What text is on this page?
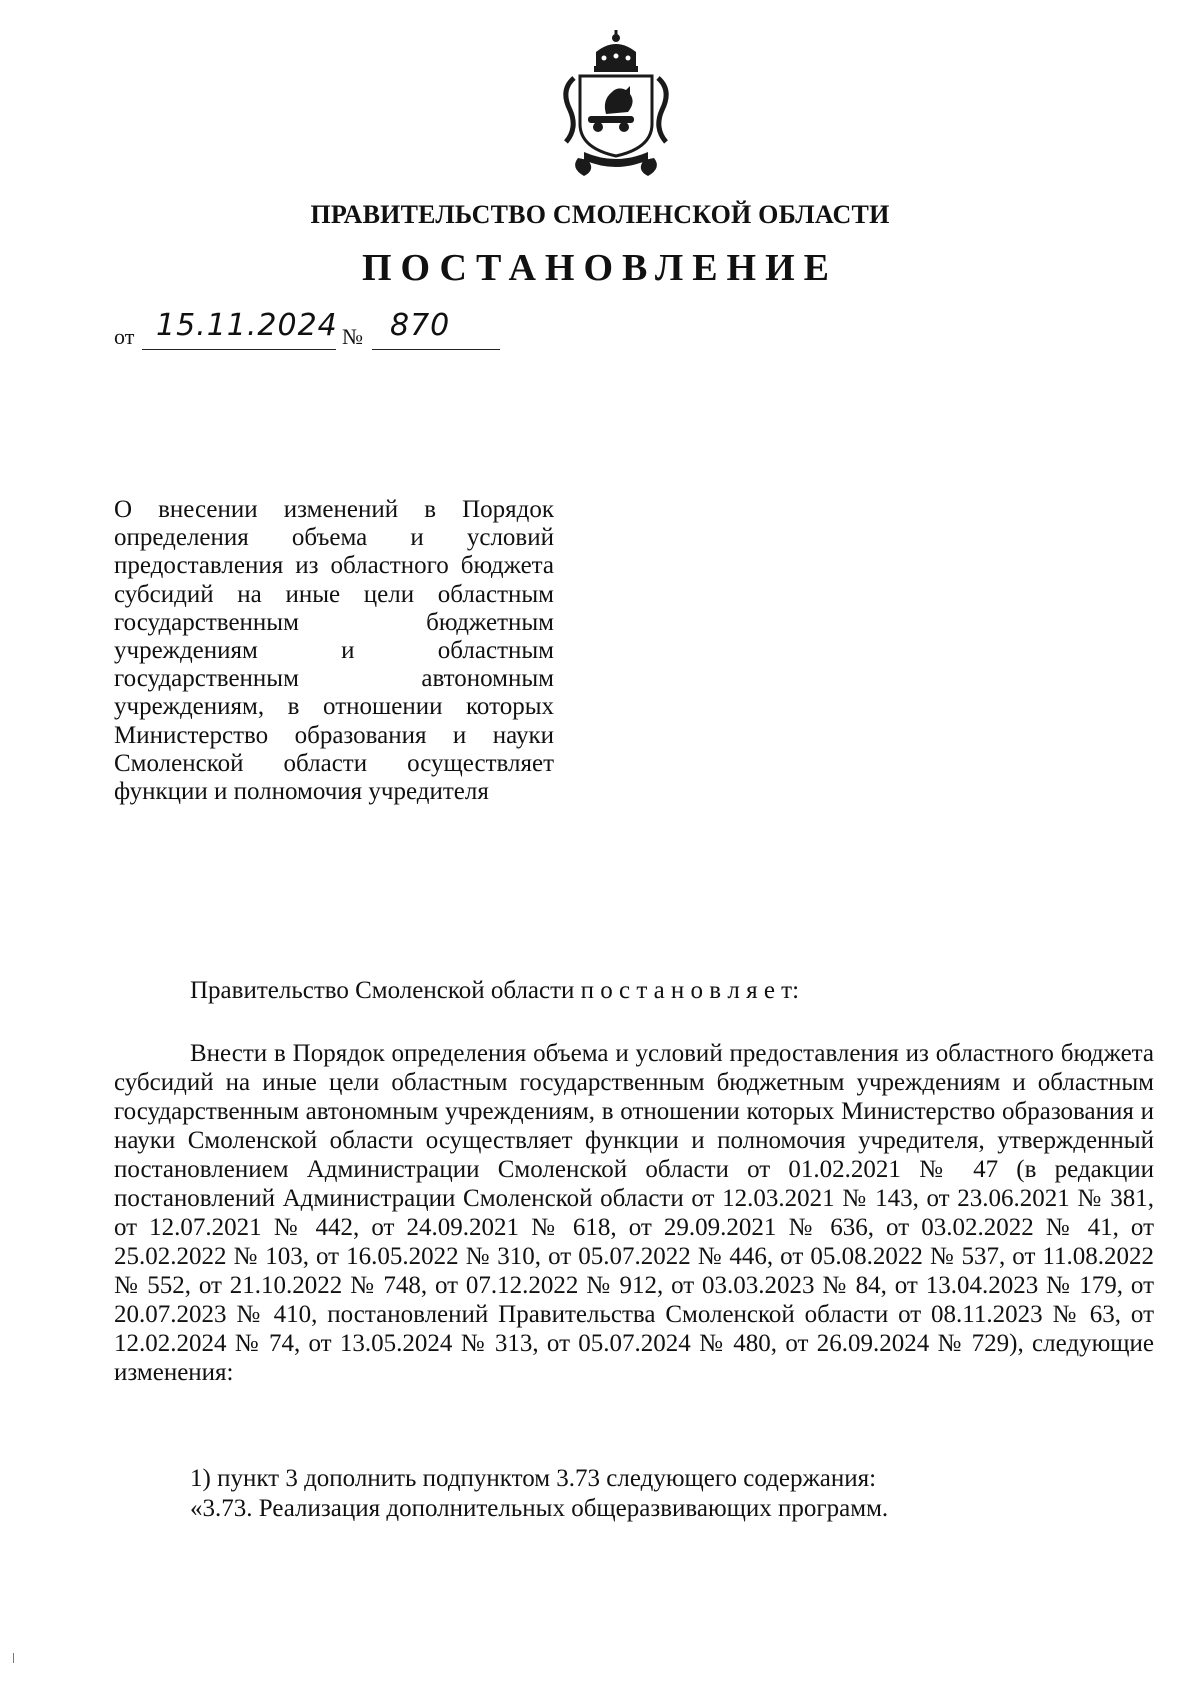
ПРАВИТЕЛЬСТВО СМОЛЕНСКОЙ ОБЛАСТИ
ПОСТАНОВЛЕНИЕ
от 15.11.2024 № 870
О внесении изменений в Порядок определения объема и условий предоставления из областного бюджета субсидий на иные цели областным государственным бюджетным учреждениям и областным государственным автономным учреждениям, в отношении которых Министерство образования и науки Смоленской области осуществляет функции и полномочия учредителя
Правительство Смоленской области п о с т а н о в л я е т:

Внести в Порядок определения объема и условий предоставления из областного бюджета субсидий на иные цели областным государственным бюджетным учреждениям и областным государственным автономным учреждениям, в отношении которых Министерство образования и науки Смоленской области осуществляет функции и полномочия учредителя, утвержденный постановлением Администрации Смоленской области от 01.02.2021 № 47 (в редакции постановлений Администрации Смоленской области от 12.03.2021 № 143, от 23.06.2021 № 381, от 12.07.2021 № 442, от 24.09.2021 № 618, от 29.09.2021 № 636, от 03.02.2022 № 41, от 25.02.2022 № 103, от 16.05.2022 № 310, от 05.07.2022 № 446, от 05.08.2022 № 537, от 11.08.2022 № 552, от 21.10.2022 № 748, от 07.12.2022 № 912, от 03.03.2023 № 84, от 13.04.2023 № 179, от 20.07.2023 № 410, постановлений Правительства Смоленской области от 08.11.2023 № 63, от 12.02.2024 № 74, от 13.05.2024 № 313, от 05.07.2024 № 480, от 26.09.2024 № 729), следующие изменения:

1) пункт 3 дополнить подпунктом 3.73 следующего содержания:
«3.73. Реализация дополнительных общеразвивающих программ.
